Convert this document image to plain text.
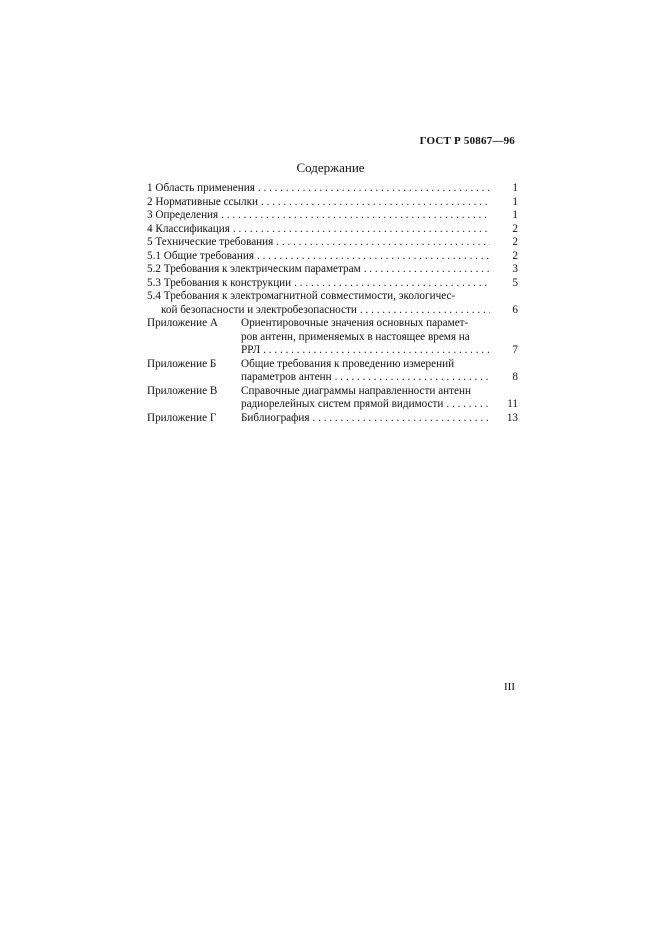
ГОСТ Р 50867—96
Содержание
1 Область применения . . .	1
2 Нормативные ссылки . . .	1
3 Определения . . .	1
4 Классификация . . .	2
5 Технические требования . . .	2
5.1 Общие требования . . .	2
5.2 Требования к электрическим параметрам . . .	3
5.3 Требования к конструкции . . .	5
5.4 Требования к электромагнитной совместимости, экологичес-
кой безопасности и электробезопасности . . .	6
Приложение А	Ориентировочные значения основных парамет-
ров антенн, применяемых в настоящее время на
РРЛ . . .	7
Приложение Б	Общие требования к проведению измерений
параметров антенн . . .	8
Приложение В	Справочные диаграммы направленности антенн
радиорелейных систем прямой видимости . . .	11
Приложение Г	Библиография . . .	13
III
